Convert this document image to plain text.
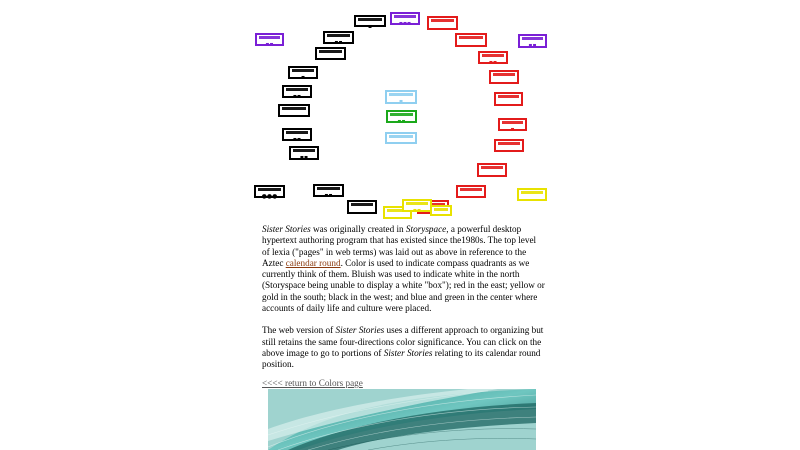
▪▪
▪	▪▪▪
▪▪	▪▪
▪▪
▪
▪▪
▪
▪
▪▪
▪▪
▪▪
●●●	▪▪
▪▪

Sister Stories was originally created in Storyspace, a powerful desktop hypertext authoring program that has existed since the1980s. The top level of lexia ("pages" in web terms) was laid out as above in reference to the Aztec calendar round. Color is used to indicate compass quadrants as we currently think of them. Bluish was used to indicate white in the north (Storyspace being unable to display a white "box"); red in the east; yellow or gold in the south; black in the west; and blue and green in the center where accounts of daily life and culture were placed.

The web version of Sister Stories uses a different approach to organizing but still retains the same four-directions color significance. You can click on the above image to go to portions of Sister Stories relating to its calendar round position.

<<<< return to Colors page
